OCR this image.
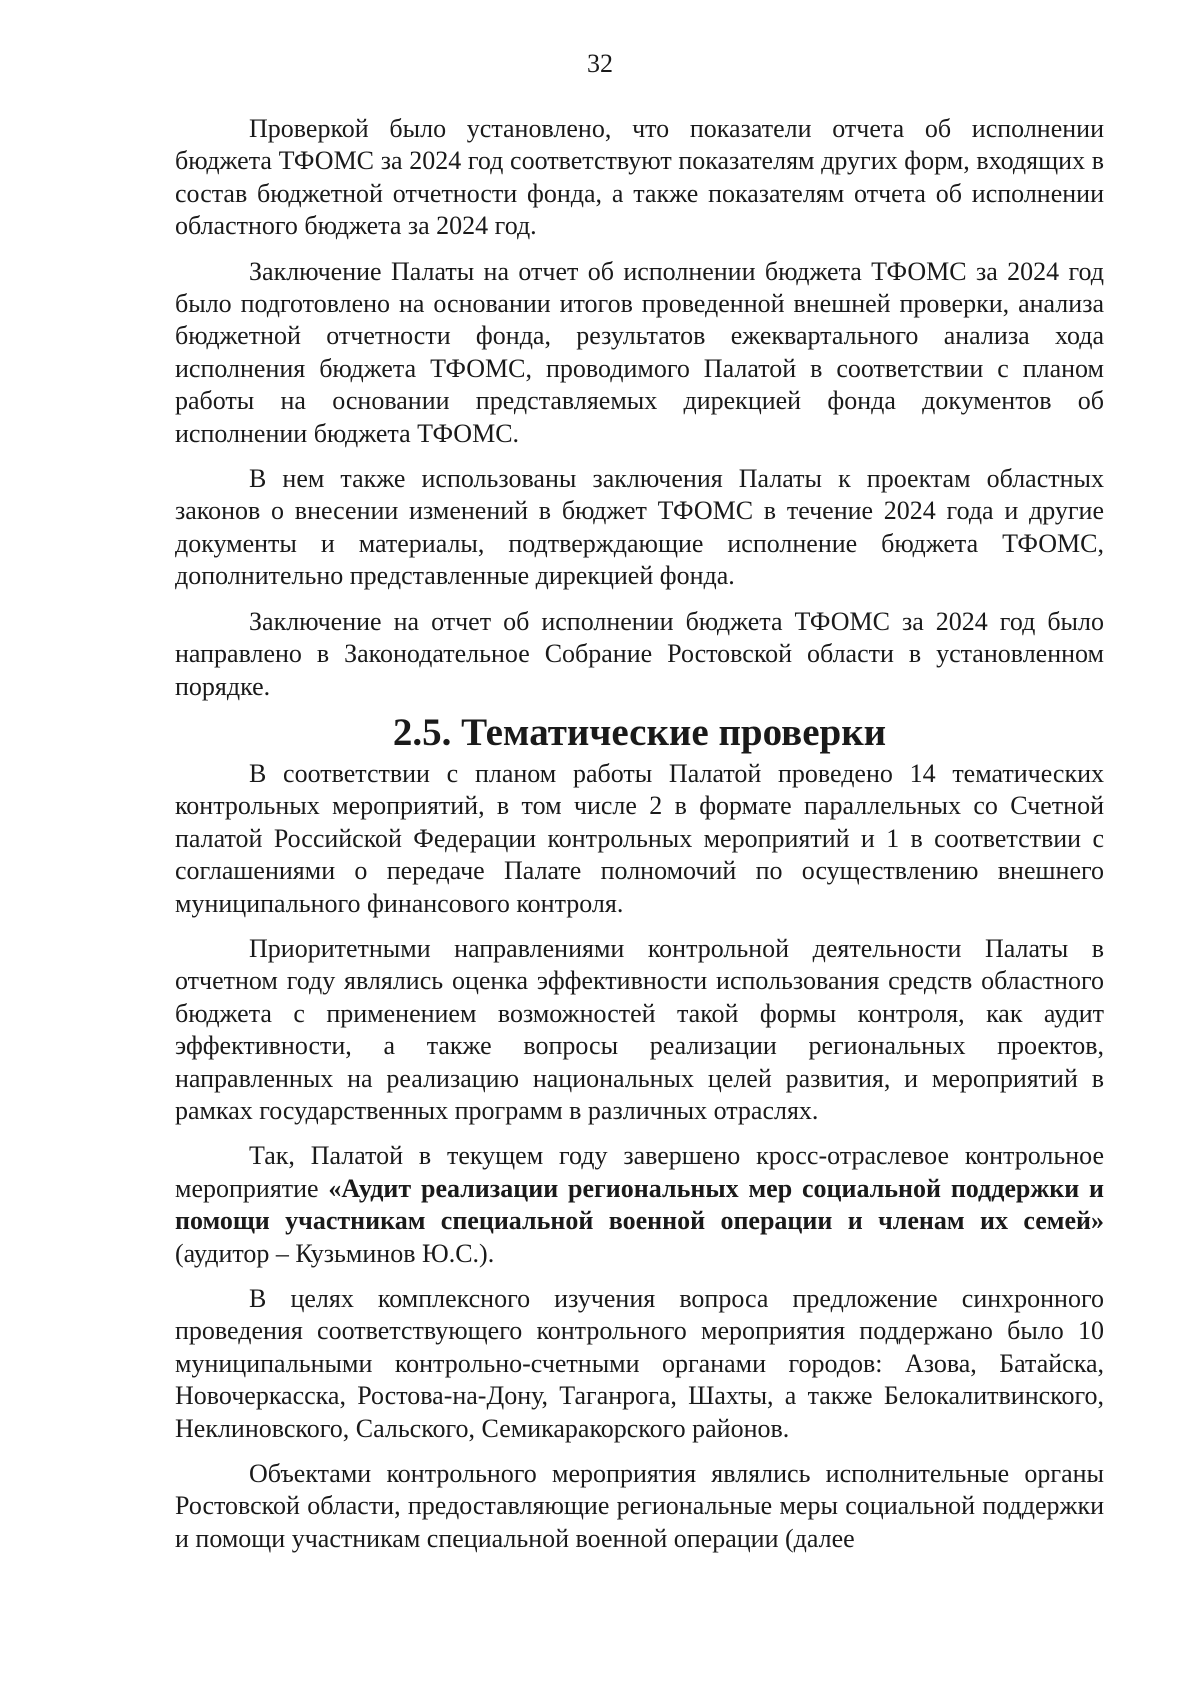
32

Проверкой было установлено, что показатели отчета об исполнении бюджета ТФОМС за 2024 год соответствуют показателям других форм, входящих в состав бюджетной отчетности фонда, а также показателям отчета об исполнении областного бюджета за 2024 год.

Заключение Палаты на отчет об исполнении бюджета ТФОМС за 2024 год было подготовлено на основании итогов проведенной внешней проверки, анализа бюджетной отчетности фонда, результатов ежеквартального анализа хода исполнения бюджета ТФОМС, проводимого Палатой в соответствии с планом работы на основании представляемых дирекцией фонда документов об исполнении бюджета ТФОМС.

В нем также использованы заключения Палаты к проектам областных законов о внесении изменений в бюджет ТФОМС в течение 2024 года и другие документы и материалы, подтверждающие исполнение бюджета ТФОМС, дополнительно представленные дирекцией фонда.

Заключение на отчет об исполнении бюджета ТФОМС за 2024 год было направлено в Законодательное Собрание Ростовской области в установленном порядке.

2.5. Тематические проверки

В соответствии с планом работы Палатой проведено 14 тематических контрольных мероприятий, в том числе 2 в формате параллельных со Счетной палатой Российской Федерации контрольных мероприятий и 1 в соответствии с соглашениями о передаче Палате полномочий по осуществлению внешнего муниципального финансового контроля.

Приоритетными направлениями контрольной деятельности Палаты в отчетном году являлись оценка эффективности использования средств областного бюджета с применением возможностей такой формы контроля, как аудит эффективности, а также вопросы реализации региональных проектов, направленных на реализацию национальных целей развития, и мероприятий в рамках государственных программ в различных отраслях.

Так, Палатой в текущем году завершено кросс-отраслевое контрольное мероприятие «Аудит реализации региональных мер социальной поддержки и помощи участникам специальной военной операции и членам их семей» (аудитор – Кузьминов Ю.С.).

В целях комплексного изучения вопроса предложение синхронного проведения соответствующего контрольного мероприятия поддержано было 10 муниципальными контрольно-счетными органами городов: Азова, Батайска, Новочеркасска, Ростова-на-Дону, Таганрога, Шахты, а также Белокалитвинского, Неклиновского, Сальского, Семикаракорского районов.

Объектами контрольного мероприятия являлись исполнительные органы Ростовской области, предоставляющие региональные меры социальной поддержки и помощи участникам специальной военной операции (далее
